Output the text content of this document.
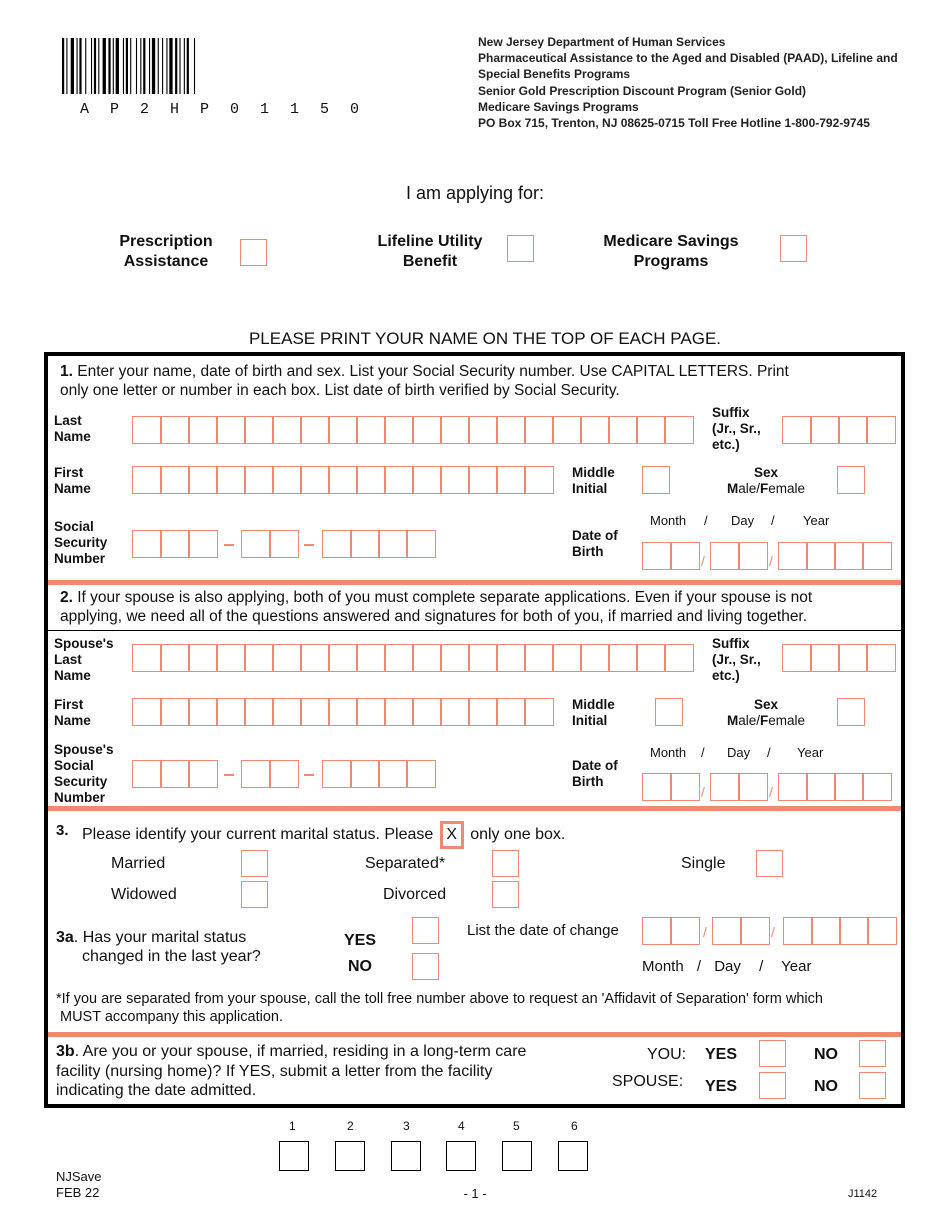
A P 2 H P 0 1 1 5 0
New Jersey Department of Human Services
Pharmaceutical Assistance to the Aged and Disabled (PAAD), Lifeline and
Special Benefits Programs
Senior Gold Prescription Discount Program (Senior Gold)
Medicare Savings Programs
PO Box 715, Trenton, NJ 08625-0715 Toll Free Hotline 1-800-792-9745
I am applying for:
Prescription
Assistance
Lifeline Utility
Benefit
Medicare Savings
Programs
PLEASE PRINT YOUR NAME ON THE TOP OF EACH PAGE.
1. Enter your name, date of birth and sex. List your Social Security number. Use CAPITAL LETTERS. Print
only one letter or number in each box. List date of birth verified by Social Security.
Last
Name
Suffix
(Jr., Sr.,
etc.)
First
Name
Middle
Initial
Sex
Male/Female
Social
Security
Number
Date of
Birth
Month / Day / Year
/	/
2. If your spouse is also applying, both of you must complete separate applications. Even if your spouse is not
applying, we need all of the questions answered and signatures for both of you, if married and living together.
Spouse's
Last
Name
Suffix
(Jr., Sr.,
etc.)
First
Name
Middle
Initial
Sex
Male/Female
Spouse's
Social
Security
Number
Date of
Birth
Month / Day / Year
/	/
3. Please identify your current marital status. Please X only one box.
Married	Separated*	Single
Widowed	Divorced
3a. Has your marital status
changed in the last year?
YES
NO
List the date of change	/	/
Month / Day / Year
*If you are separated from your spouse, call the toll free number above to request an 'Affidavit of Separation' form which
MUST accompany this application.
3b. Are you or your spouse, if married, residing in a long-term care
facility (nursing home)? If YES, submit a letter from the facility
indicating the date admitted.
YOU: YES	NO
SPOUSE: YES	NO
1	2	3	4	5	6
NJSave
FEB 22	- 1 -	J1142
